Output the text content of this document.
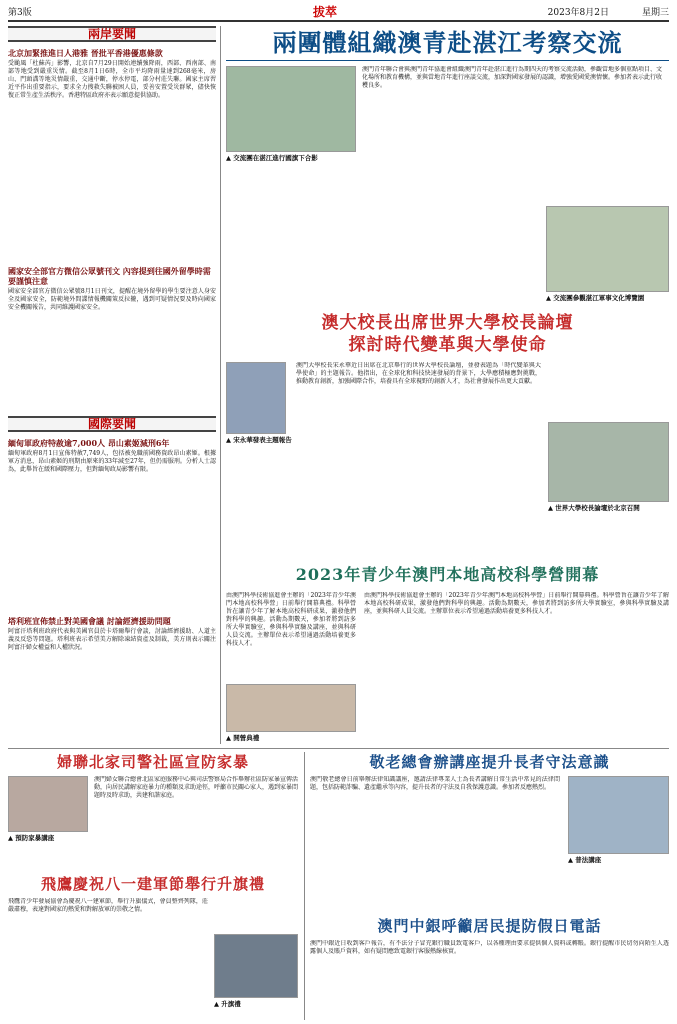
第3版	拔萃	2023年8月2日	星期三
兩岸要聞
北京加緊推進日人港雅 晉批平香港優惠條款
受颱風「杜蘇芮」影響，北京自7月29日開始連續強降雨，西部、西南部、南部等地受到嚴重災情。截至8月1日6時，全市平均降雨量達到268毫米，房山、門頭溝等地災情嚴重，交通中斷，停水停電，部分村莊失聯。國家主席習近平作出重要指示，要求全力搜救失聯被困人員，妥善安置受災群眾，儘快恢復正常生產生活秩序。香港特區政府亦表示願意提供協助。
國家安全部官方微信公眾號刊文 內容提到往國外留學時需要謹慎注意
國家安全部官方微信公眾號8月1日刊文，提醒在境外留學的學生要注意人身安全及國家安全，防範境外間諜情報機關策反拉攏，遇到可疑情況要及時向國家安全機關報告，共同維護國家安全。
國際要聞
緬甸軍政府特赦逾7,000人 昂山素姬減刑6年
緬甸軍政府8月1日宣佈特赦7,749人，包括被免職前國務資政昂山素姬。根據軍方消息，昂山素姬的刑期由原來的33年減至27年，但仍需服刑。分析人士認為，此舉旨在緩和國際壓力，但對緬甸政局影響有限。
塔利班宣佈禁止對美國會議 討論經濟援助問題
阿富汗塔利班政府代表與美國官員於卡塔爾舉行會談，討論經濟援助、人道主義及反恐等問題。塔利班表示希望美方解除凍結資產及制裁，美方則表示關注阿富汗婦女權益和人權狀況。
兩團體組織澳青赴湛江考察交流
▲ 交流團在湛江進行國旗下合影
澳門青年聯合會與澳門青年協進會組織澳門青年赴湛江進行為期四天的考察交流活動，參觀當地多個重點項目、文化場所和教育機構，並與當地青年進行座談交流，加深對國家發展的認識，增強愛國愛澳情懷。參加者表示此行收穫良多。
▲ 交流團參觀湛江軍事文化博覽園
澳大校長出席世界大學校長論壇
探討時代變革與大學使命
▲ 宋永華發表主題報告
澳門大學校長宋永華近日出席在北京舉行的世界大學校長論壇，並發表題為「時代變革與大學使命」的主題報告。他指出，在全球化和科技快速發展的背景下，大學應積極應對挑戰，推動教育創新，加強國際合作，培養具有全球視野的創新人才，為社會發展作出更大貢獻。
▲ 世界大學校長論壇於北京召開
2023年青少年澳門本地高校科學營開幕
由澳門科學技術協進會主辦的「2023年青少年澳門本地高校科學營」日前舉行開幕典禮。科學營旨在讓青少年了解本地高校科研成果，激發他們對科學的興趣。活動為期數天，參加者將到訪多所大學實驗室，參與科學實驗及講座，並與科研人員交流。主辦單位表示希望通過活動培養更多科技人才。
▲ 開營典禮
由澳門科學技術協進會主辦的「2023年青少年澳門本地高校科學營」日前舉行開幕典禮。科學營旨在讓青少年了解本地高校科研成果，激發他們對科學的興趣。活動為期數天，參加者將到訪多所大學實驗室，參與科學實驗及講座，並與科研人員交流。主辦單位表示希望通過活動培養更多科技人才。
婦聯北家司警社區宣防家暴
▲ 預防家暴講座
澳門婦女聯合總會北區家庭服務中心與司法警察局合作舉辦社區防家暴宣傳活動，向居民講解家庭暴力的種類及求助途徑，呼籲市民關心家人，遇到家暴問題時及時求助，共建和諧家庭。
飛鷹慶祝八一建軍節舉行升旗禮
飛鷹青少年發展協會為慶祝八一建軍節，舉行升旗儀式，會員整齊列隊，莊嚴肅穆，表達對國家的熱愛和對解放軍的崇敬之情。
▲ 升旗禮
敬老總會辦講座提升長者守法意識
澳門敬老總會日前舉辦法律知識講座，邀請法律專業人士為長者講解日常生活中常見的法律問題，包括防範詐騙、遺產繼承等內容，提升長者的守法及自我保護意識。參加者反應熱烈。
▲ 普法講座
澳門中銀呼籲居民提防假日電話
澳門中銀近日收到客戶報告，有不法分子冒充銀行職員致電客戶，以各種理由要求提供個人資料或轉賬。銀行提醒市民切勿向陌生人透露個人及賬戶資料，如有疑問應致電銀行客服熱線核實。
